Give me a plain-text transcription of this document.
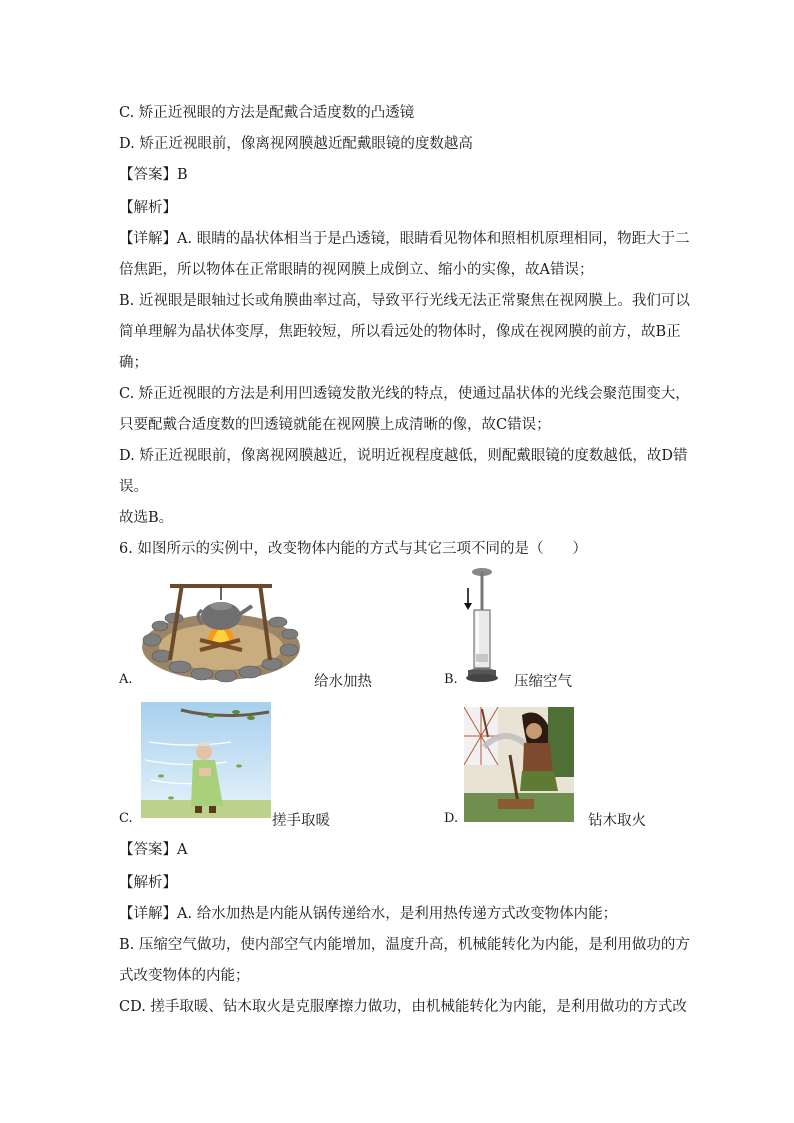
C. 矫正近视眼的方法是配戴合适度数的凸透镜
D. 矫正近视眼前，像离视网膜越近配戴眼镜的度数越高
【答案】B
【解析】
【详解】A. 眼睛的晶状体相当于是凸透镜，眼睛看见物体和照相机原理相同，物距大于二
倍焦距，所以物体在正常眼睛的视网膜上成倒立、缩小的实像，故A错误；
B. 近视眼是眼轴过长或角膜曲率过高，导致平行光线无法正常聚焦在视网膜上。我们可以
简单理解为晶状体变厚，焦距较短，所以看远处的物体时，像成在视网膜的前方，故B正
确；
C. 矫正近视眼的方法是利用凹透镜发散光线的特点，使通过晶状体的光线会聚范围变大，
只要配戴合适度数的凹透镜就能在视网膜上成清晰的像，故C错误；
D. 矫正近视眼前，像离视网膜越近，说明近视程度越低，则配戴眼镜的度数越低，故D错
误。
故选B。
6. 如图所示的实例中，改变物体内能的方式与其它三项不同的是（　　）
A.	给水加热	B.	压缩空气
C.	搓手取暖	D.	钻木取火
【答案】A
【解析】
【详解】A. 给水加热是内能从锅传递给水，是利用热传递方式改变物体内能；
B. 压缩空气做功，使内部空气内能增加，温度升高，机械能转化为内能，是利用做功的方
式改变物体的内能；
CD. 搓手取暖、钻木取火是克服摩擦力做功，由机械能转化为内能，是利用做功的方式改
